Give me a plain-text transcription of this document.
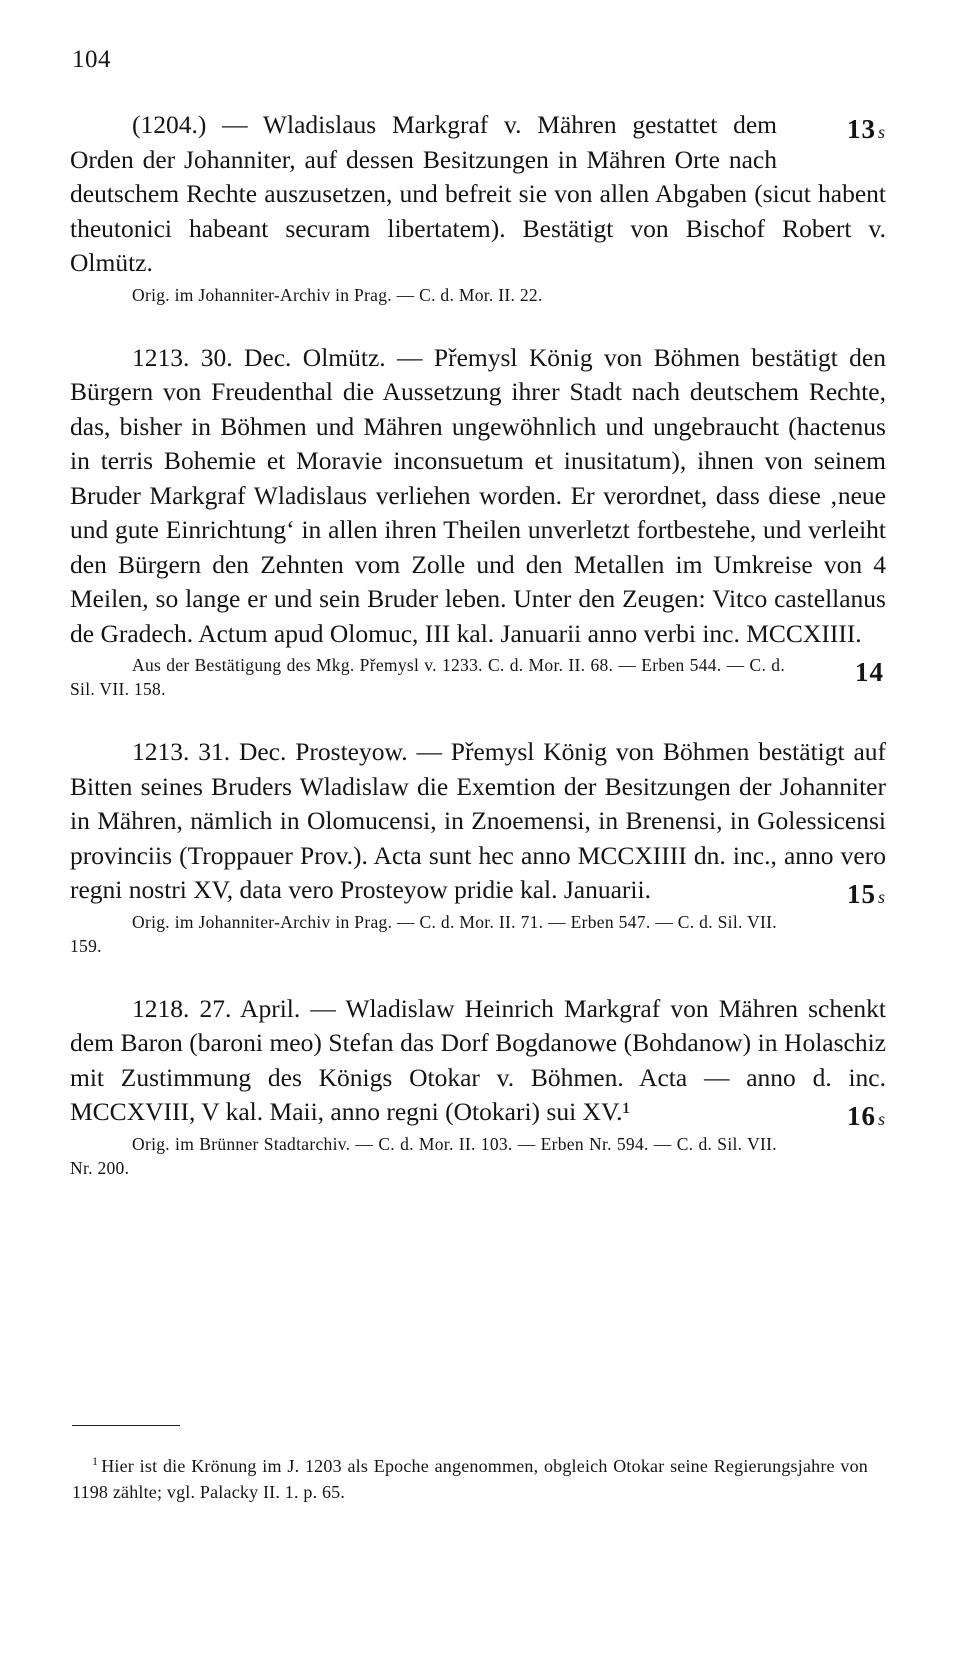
104
13 s
(1204.) — Wladislaus Markgraf v. Mähren gestattet dem Orden der Johanniter, auf dessen Besitzungen in Mähren Orte nach deutschem Rechte auszusetzen, und befreit sie von allen Abgaben (sicut habent theutonici habeant securam libertatem). Bestätigt von Bischof Robert v. Olmütz.
Orig. im Johanniter-Archiv in Prag. — C. d. Mor. II. 22.
1213. 30. Dec. Olmütz. — Přemysl König von Böhmen bestätigt den Bürgern von Freudenthal die Aussetzung ihrer Stadt nach deutschem Rechte, das, bisher in Böhmen und Mähren ungewöhnlich und ungebraucht (hactenus in terris Bohemie et Moravie inconsuetum et inusitatum), ihnen von seinem Bruder Markgraf Wladislaus verliehen worden. Er verordnet, dass diese ‚neue und gute Einrichtung‘ in allen ihren Theilen unverletzt fortbestehe, und verleiht den Bürgern den Zehnten vom Zolle und den Metallen im Umkreise von 4 Meilen, so lange er und sein Bruder leben. Unter den Zeugen: Vitco castellanus de Gradech. Actum apud Olomuc, III kal. Januarii anno verbi inc. MCCXIIII.
14
Aus der Bestätigung des Mkg. Přemysl v. 1233. C. d. Mor. II. 68. — Erben 544. — C. d. Sil. VII. 158.
1213. 31. Dec. Prosteyow. — Přemysl König von Böhmen bestätigt auf Bitten seines Bruders Wladislaw die Exemtion der Besitzungen der Johanniter in Mähren, nämlich in Olomucensi, in Znoemensi, in Brenensi, in Golessicensi provinciis (Troppauer Prov.). Acta sunt hec anno MCCXIIII dn. inc., anno vero regni nostri XV, data vero Prosteyow pridie kal. Januarii.	15 s
Orig. im Johanniter-Archiv in Prag. — C. d. Mor. II. 71. — Erben 547. — C. d. Sil. VII. 159.
1218. 27. April. — Wladislaw Heinrich Markgraf von Mähren schenkt dem Baron (baroni meo) Stefan das Dorf Bogdanowe (Bohdanow) in Holaschiz mit Zustimmung des Königs Otokar v. Böhmen. Acta — anno d. inc. MCCXVIII, V kal. Maii, anno regni (Otokari) sui XV.¹	16 s
Orig. im Brünner Stadtarchiv. — C. d. Mor. II. 103. — Erben Nr. 594. — C. d. Sil. VII. Nr. 200.
$^1$ Hier ist die Krönung im J. 1203 als Epoche angenommen, obgleich Otokar seine Regierungsjahre von 1198 zählte; vgl. Palacky II. 1. p. 65.
